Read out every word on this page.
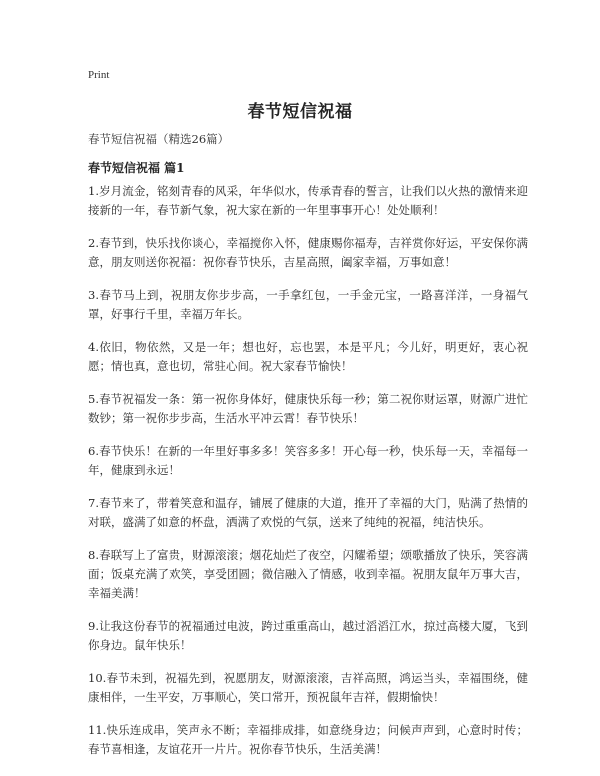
Print
春节短信祝福
春节短信祝福（精选26篇）
春节短信祝福 篇1

1.岁月流金，铭刻青春的风采，年华似水，传承青春的誓言，让我们以火热的激情来迎接新的一年，春节新气象，祝大家在新的一年里事事开心！处处顺利！

2.春节到，快乐找你谈心，幸福搅你入怀，健康赐你福寿，吉祥赏你好运，平安保你满意，朋友则送你祝福：祝你春节快乐，吉星高照，阖家幸福，万事如意！

3.春节马上到，祝朋友你步步高，一手拿红包，一手金元宝，一路喜洋洋，一身福气罩，好事行千里，幸福万年长。

4.依旧，物依然，又是一年；想也好，忘也罢，本是平凡；今儿好，明更好，衷心祝愿；情也真，意也切，常驻心间。祝大家春节愉快！

5.春节祝福发一条：第一祝你身体好，健康快乐每一秒；第二祝你财运罩，财源广进忙数钞；第一祝你步步高，生活水平冲云霄！春节快乐！

6.春节快乐！在新的一年里好事多多！笑容多多！开心每一秒，快乐每一天，幸福每一年，健康到永远！

7.春节来了，带着笑意和温存，铺展了健康的大道，推开了幸福的大门，贴满了热情的对联，盛满了如意的杯盘，洒满了欢悦的气氛，送来了纯纯的祝福，纯洁快乐。

8.春联写上了富贵，财源滚滚；烟花灿烂了夜空，闪耀希望；颂歌播放了快乐，笑容满面；饭桌充满了欢笑，享受团圆；微信融入了情感，收到幸福。祝朋友鼠年万事大吉，幸福美满！

9.让我这份春节的祝福通过电波，跨过重重高山，越过滔滔江水，掠过高楼大厦，飞到你身边。鼠年快乐！

10.春节未到，祝福先到，祝愿朋友，财源滚滚，吉祥高照，鸿运当头，幸福围绕，健康相伴，一生平安，万事顺心，笑口常开，预祝鼠年吉祥，假期愉快！

11.快乐连成串，笑声永不断；幸福排成排，如意绕身边；问候声声到，心意时时传；春节喜相逢，友谊花开一片片。祝你春节快乐，生活美满！
